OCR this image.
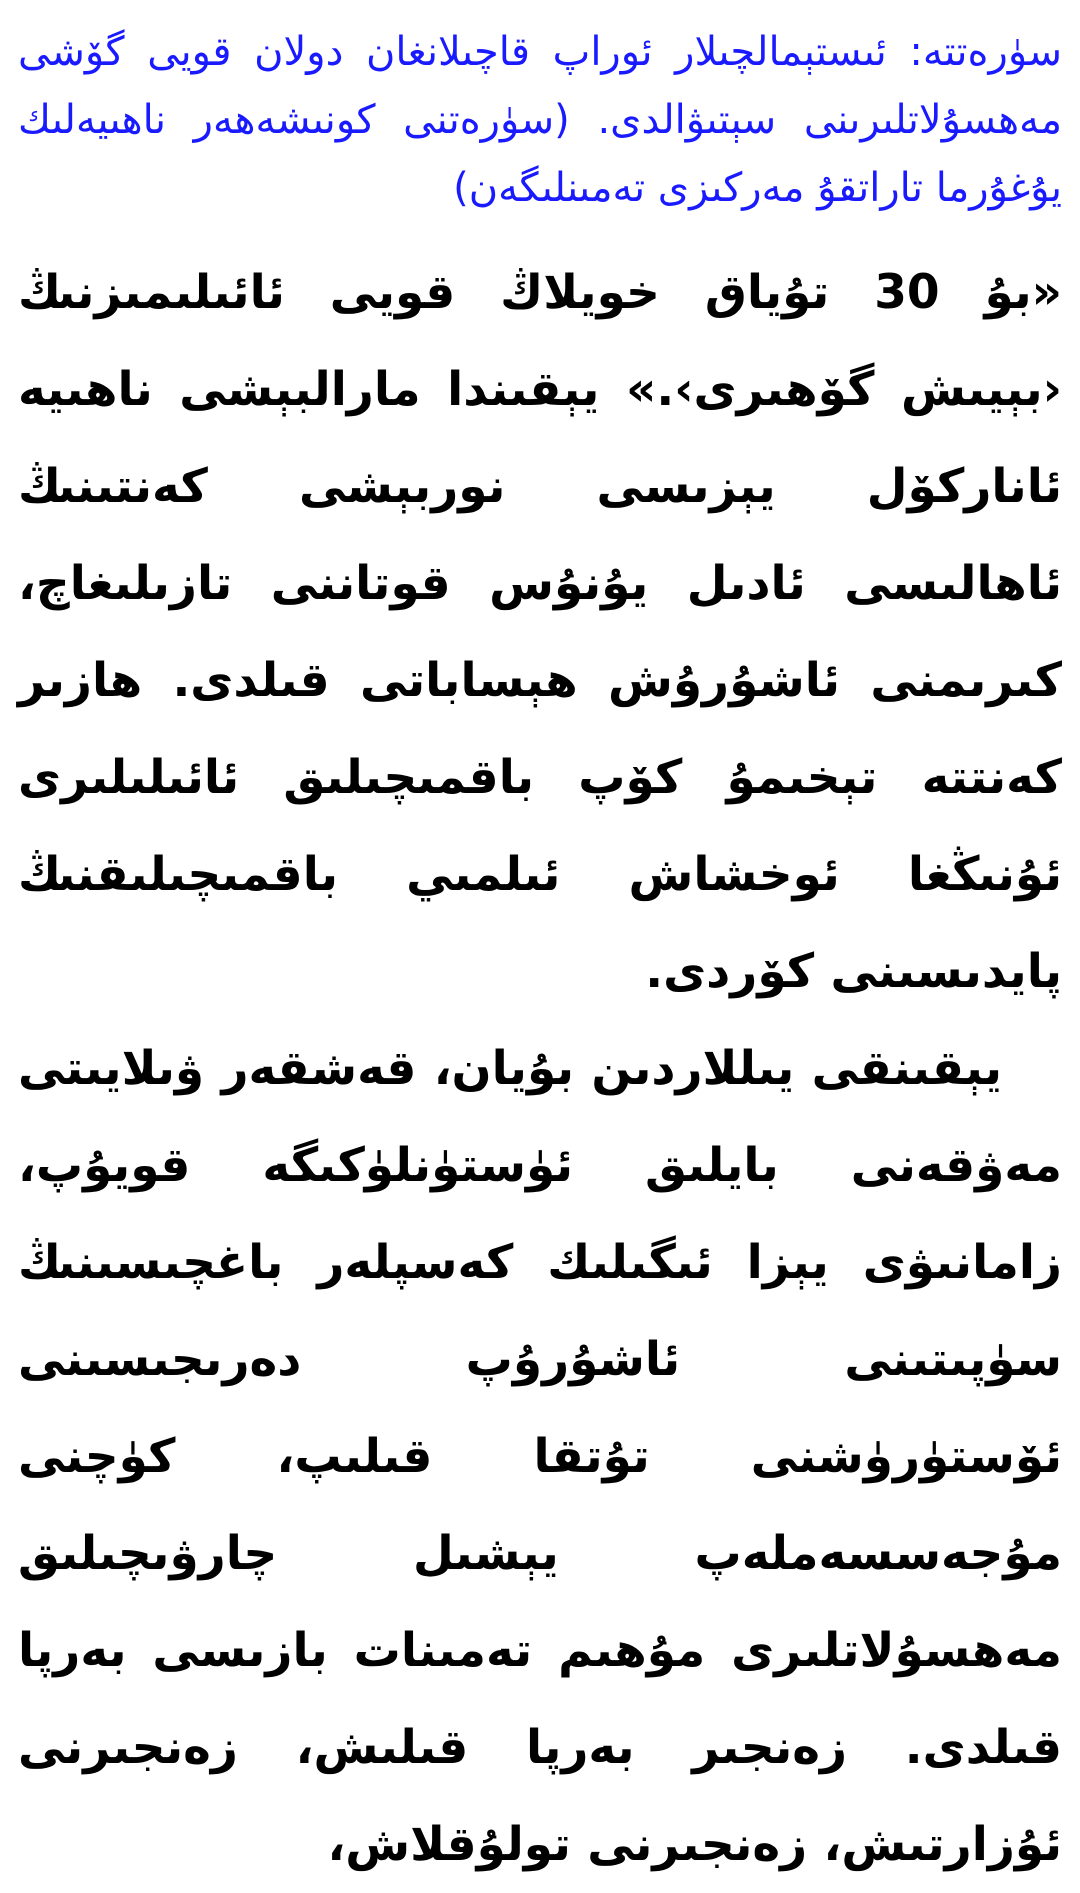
سۈرەتتە: ئىستېمالچىلار ئوراپ قاچىلانغان دولان قويى گۆشى مەھسۇلاتلىرىنى سېتىۋالدى. (سۈرەتنى كونىشەھەر ناھىيەلىك يۇغۇرما تاراتقۇ مەركىزى تەمىنلىگەن)

«بۇ 30 تۇياق خويلاڭ قويى ئائىلىمىزنىڭ ‹بېيىش گۆھىرى›.» يېقىندا مارالبېشى ناھىيە ئاناركۆل يېزىسى نوربېشى كەنتىنىڭ ئاھالىسى ئادىل يۇنۇس قوتاننى تازىلىغاچ، كىرىمنى ئاشۇرۇش ھېساباتى قىلدى. ھازىر كەنتتە تېخىمۇ كۆپ باقمىچىلىق ئائىلىلىرى ئۇنىڭغا ئوخشاش ئىلمىي باقمىچىلىقنىڭ پايدىسىنى كۆردى.

يېقىنقى يىللاردىن بۇيان، قەشقەر ۋىلايىتى مەۋقەنى بايلىق ئۈستۈنلۈكىگە قويۇپ، زامانىۋى يېزا ئىگىلىك كەسپلەر باغچىسىنىڭ سۈپىتىنى ئاشۇرۇپ دەرىجىسىنى ئۆستۈرۈشنى تۇتقا قىلىپ، كۈچنى مۇجەسسەملەپ يېشىل چارۋىچىلىق مەھسۇلاتلىرى مۇھىم تەمىنات بازىسى بەرپا قىلدى. زەنجىر بەرپا قىلىش، زەنجىرنى ئۇزارتىش، زەنجىرنى تولۇقلاش،
